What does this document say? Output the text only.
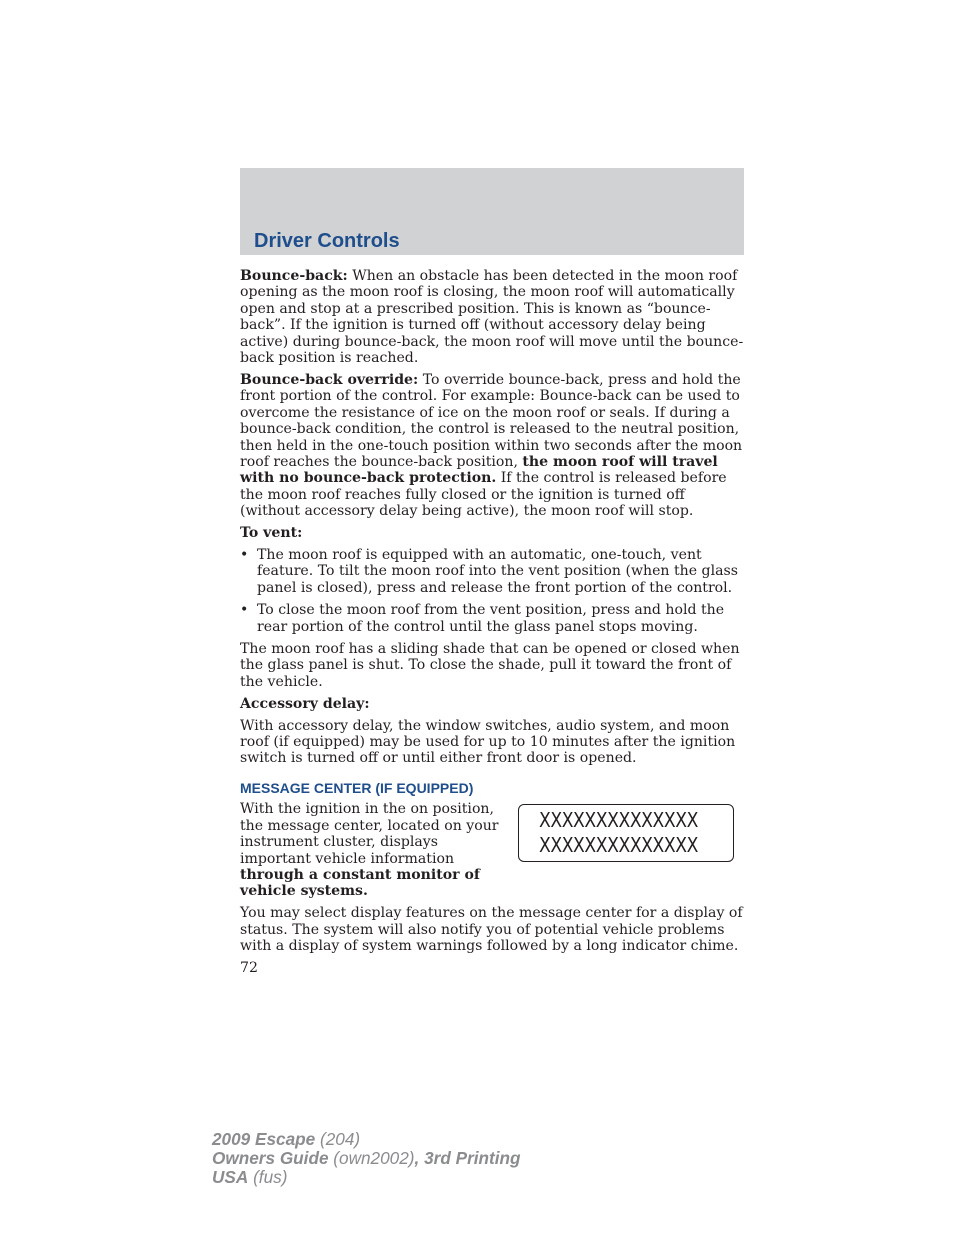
Driver Controls

Bounce-back: When an obstacle has been detected in the moon roof opening as the moon roof is closing, the moon roof will automatically open and stop at a prescribed position. This is known as “bounce-back”. If the ignition is turned off (without accessory delay being active) during bounce-back, the moon roof will move until the bounce-back position is reached.

Bounce-back override: To override bounce-back, press and hold the front portion of the control. For example: Bounce-back can be used to overcome the resistance of ice on the moon roof or seals. If during a bounce-back condition, the control is released to the neutral position, then held in the one-touch position within two seconds after the moon roof reaches the bounce-back position, the moon roof will travel with no bounce-back protection. If the control is released before the moon roof reaches fully closed or the ignition is turned off (without accessory delay being active), the moon roof will stop.

To vent:

• The moon roof is equipped with an automatic, one-touch, vent feature. To tilt the moon roof into the vent position (when the glass panel is closed), press and release the front portion of the control.
• To close the moon roof from the vent position, press and hold the rear portion of the control until the glass panel stops moving.

The moon roof has a sliding shade that can be opened or closed when the glass panel is shut. To close the shade, pull it toward the front of the vehicle.

Accessory delay:

With accessory delay, the window switches, audio system, and moon roof (if equipped) may be used for up to 10 minutes after the ignition switch is turned off or until either front door is opened.

MESSAGE CENTER (IF EQUIPPED)
XXXXXXXXXXXXXX
XXXXXXXXXXXXXX

With the ignition in the on position, the message center, located on your instrument cluster, displays important vehicle information through a constant monitor of vehicle systems.

You may select display features on the message center for a display of status. The system will also notify you of potential vehicle problems with a display of system warnings followed by a long indicator chime.

72
2009 Escape (204)
Owners Guide (own2002), 3rd Printing
USA (fus)
